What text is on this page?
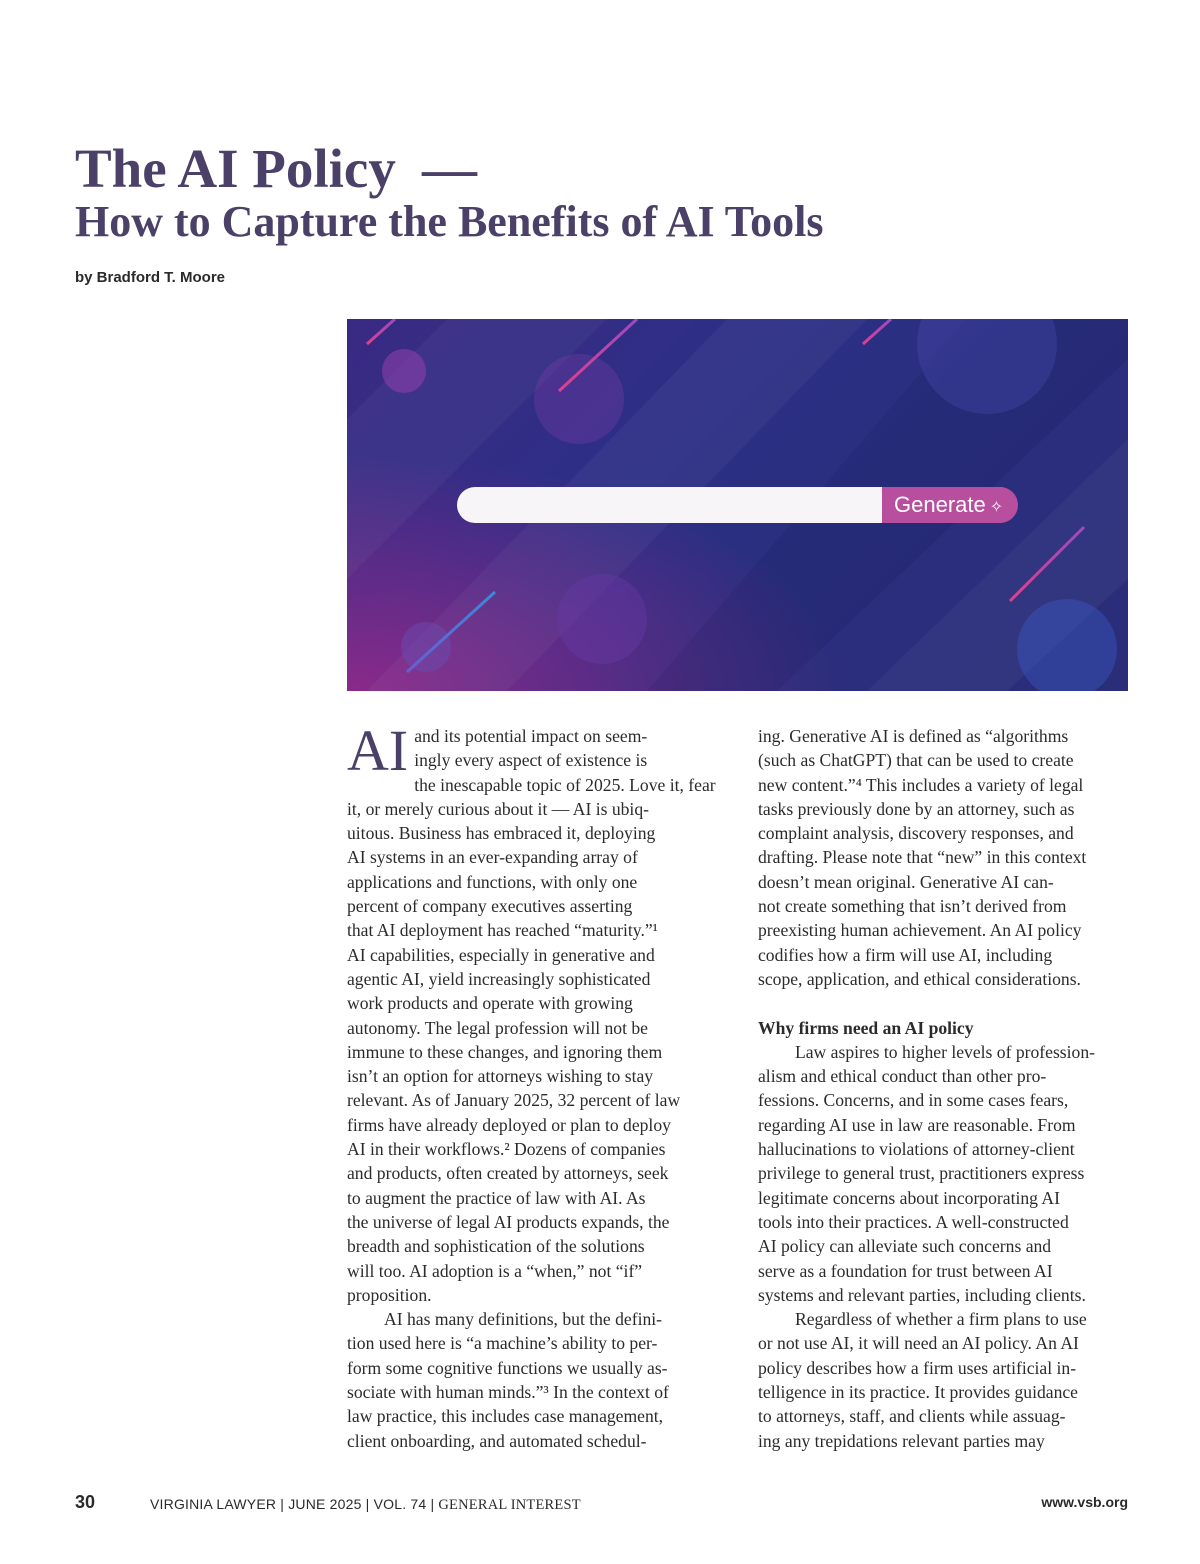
The AI Policy —
How to Capture the Benefits of AI Tools
by Bradford T. Moore
Generate ✧
AI and its potential impact on seem-
ingly every aspect of existence is
the inescapable topic of 2025. Love it, fear
it, or merely curious about it — AI is ubiq-
uitous. Business has embraced it, deploying
AI systems in an ever-expanding array of
applications and functions, with only one
percent of company executives asserting
that AI deployment has reached “maturity.”¹
AI capabilities, especially in generative and
agentic AI, yield increasingly sophisticated
work products and operate with growing
autonomy. The legal profession will not be
immune to these changes, and ignoring them
isn’t an option for attorneys wishing to stay
relevant. As of January 2025, 32 percent of law
firms have already deployed or plan to deploy
AI in their workflows.² Dozens of companies
and products, often created by attorneys, seek
to augment the practice of law with AI. As
the universe of legal AI products expands, the
breadth and sophistication of the solutions
will too. AI adoption is a “when,” not “if”
proposition.
AI has many definitions, but the defini-
tion used here is “a machine’s ability to per-
form some cognitive functions we usually as-
sociate with human minds.”³ In the context of
law practice, this includes case management,
client onboarding, and automated schedul-
ing. Generative AI is defined as “algorithms
(such as ChatGPT) that can be used to create
new content.”⁴ This includes a variety of legal
tasks previously done by an attorney, such as
complaint analysis, discovery responses, and
drafting. Please note that “new” in this context
doesn’t mean original. Generative AI can-
not create something that isn’t derived from
preexisting human achievement. An AI policy
codifies how a firm will use AI, including
scope, application, and ethical considerations.
Why firms need an AI policy
Law aspires to higher levels of profession-
alism and ethical conduct than other pro-
fessions. Concerns, and in some cases fears,
regarding AI use in law are reasonable. From
hallucinations to violations of attorney-client
privilege to general trust, practitioners express
legitimate concerns about incorporating AI
tools into their practices. A well-constructed
AI policy can alleviate such concerns and
serve as a foundation for trust between AI
systems and relevant parties, including clients.
Regardless of whether a firm plans to use
or not use AI, it will need an AI policy. An AI
policy describes how a firm uses artificial in-
telligence in its practice. It provides guidance
to attorneys, staff, and clients while assuag-
ing any trepidations relevant parties may
30	VIRGINIA LAWYER | JUNE 2025 | VOL. 74 | GENERAL INTEREST	www.vsb.org
